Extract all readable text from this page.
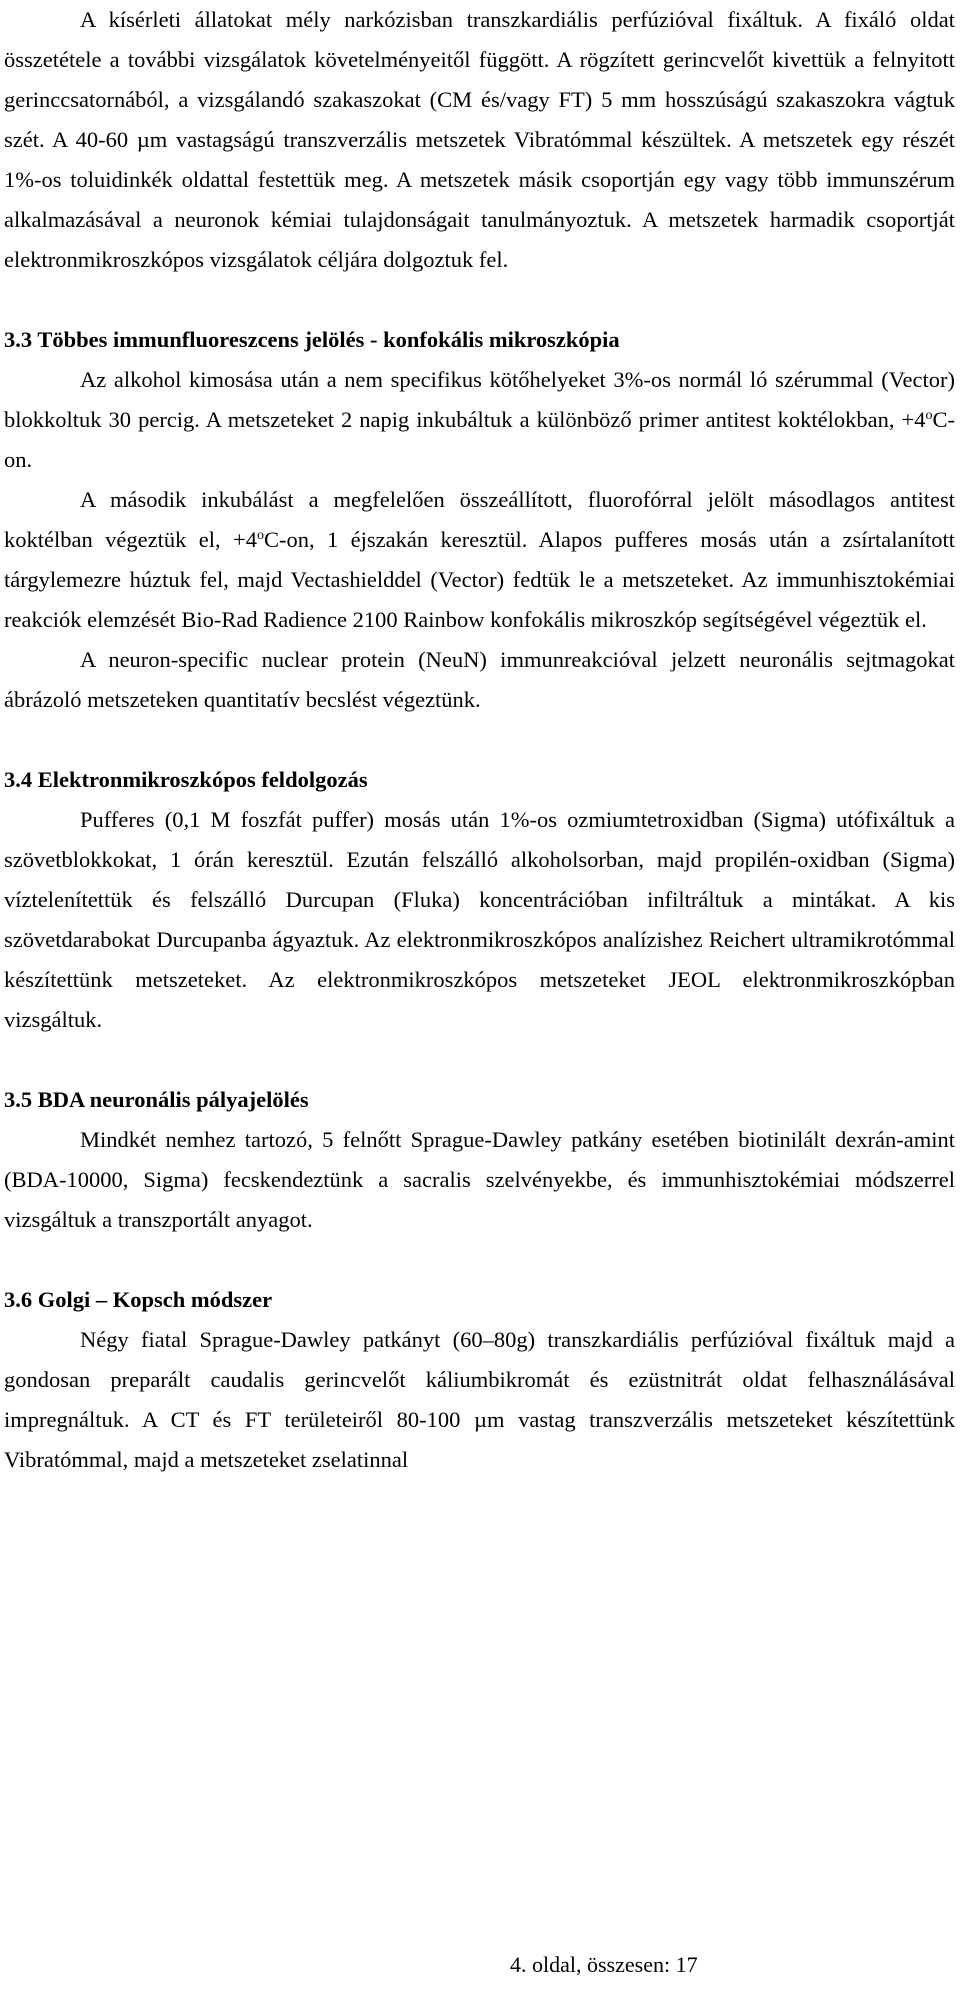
A kísérleti állatokat mély narkózisban transzkardiális perfúzióval fixáltuk. A fixáló oldat összetétele a további vizsgálatok követelményeitől függött. A rögzített gerincvelőt kivettük a felnyitott gerinccsatornából, a vizsgálandó szakaszokat (CM és/vagy FT) 5 mm hosszúságú szakaszokra vágtuk szét. A 40-60 µm vastagságú transzverzális metszetek Vibratómmal készültek. A metszetek egy részét 1%-os toluidinkék oldattal festettük meg. A metszetek másik csoportján egy vagy több immunszérum alkalmazásával a neuronok kémiai tulajdonságait tanulmányoztuk. A metszetek harmadik csoportját elektronmikroszkópos vizsgálatok céljára dolgoztuk fel.

3.3 Többes immunfluoreszcens jelölés - konfokális mikroszkópia

Az alkohol kimosása után a nem specifikus kötőhelyeket 3%-os normál ló szérummal (Vector) blokkoltuk 30 percig. A metszeteket 2 napig inkubáltuk a különböző primer antitest koktélokban, $+4^oC-on$.

A második inkubálást a megfelelően összeállított, fluorofórral jelölt másodlagos antitest koktélban végeztük el, $+4^oC-on$, 1 éjszakán keresztül. Alapos pufferes mosás után a zsírtalanított tárgylemezre húztuk fel, majd Vectashielddel (Vector) fedtük le a metszeteket. Az immunhisztokémiai reakciók elemzését Bio-Rad Radience 2100 Rainbow konfokális mikroszkóp segítségével végeztük el.

A neuron-specific nuclear protein (NeuN) immunreakcióval jelzett neuronális sejtmagokat ábrázoló metszeteken quantitatív becslést végeztünk.

3.4 Elektronmikroszkópos feldolgozás

Pufferes (0,1 M foszfát puffer) mosás után 1%-os ozmiumtetroxidban (Sigma) utófixáltuk a szövetblokkokat, 1 órán keresztül. Ezután felszálló alkoholsorban, majd propilén-oxidban (Sigma) víztelenítettük és felszálló Durcupan (Fluka) koncentrációban infiltráltuk a mintákat. A kis szövetdarabokat Durcupanba ágyaztuk. Az elektronmikroszkópos analízishez Reichert ultramikrotómmal készítettünk metszeteket. Az elektronmikroszkópos metszeteket JEOL elektronmikroszkópban vizsgáltuk.

3.5 BDA neuronális pályajelölés

Mindkét nemhez tartozó, 5 felnőtt Sprague-Dawley patkány esetében biotinilált dexrán-amint (BDA-10000, Sigma) fecskendeztünk a sacralis szelvényekbe, és immunhisztokémiai módszerrel vizsgáltuk a transzportált anyagot.

3.6 Golgi – Kopsch módszer

Négy fiatal Sprague-Dawley patkányt (60–80g) transzkardiális perfúzióval fixáltuk majd a gondosan preparált caudalis gerincvelőt káliumbikromát és ezüstnitrát oldat felhasználásával impregnáltuk. A CT és FT területeiről 80-100 µm vastag transzverzális metszeteket készítettünk Vibratómmal, majd a metszeteket zselatinnal

4. oldal, összesen: 17
